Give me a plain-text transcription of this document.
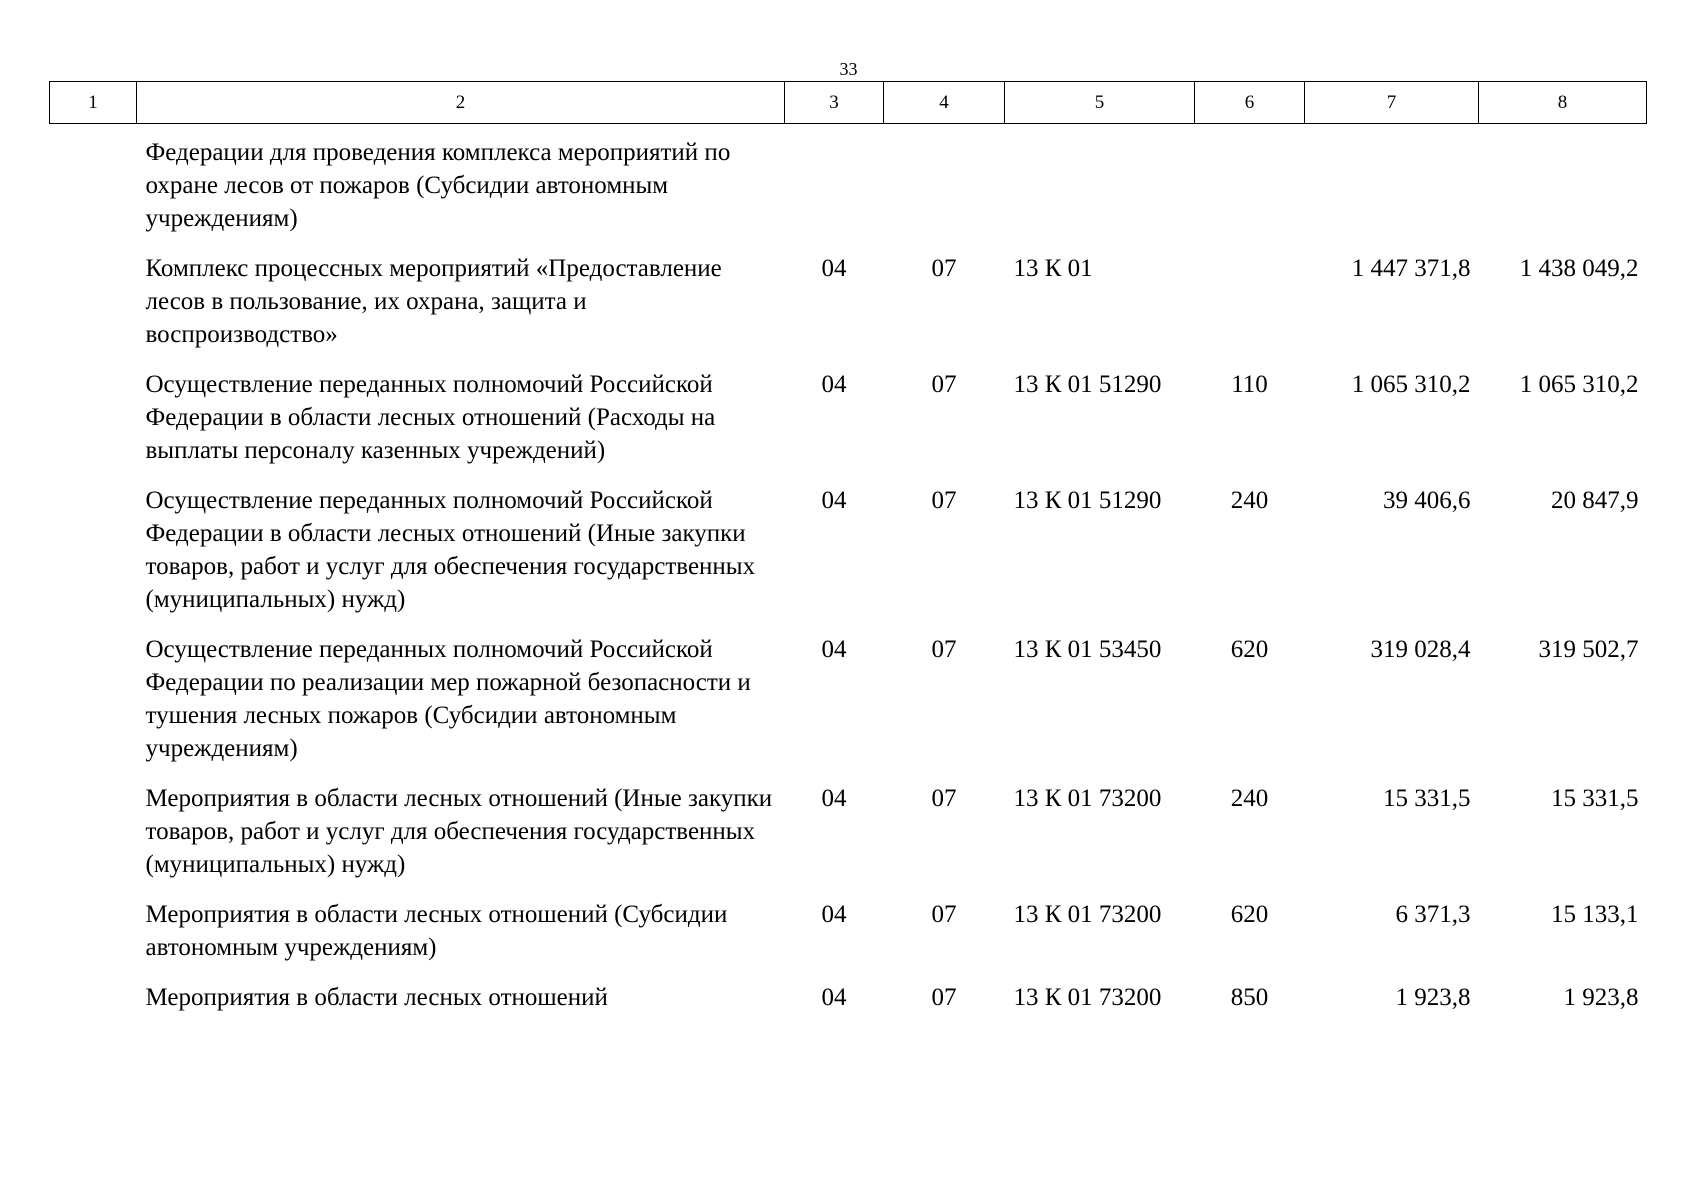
33
1	2	3	4	5	6	7	8
	Федерации для проведения комплекса мероприятий по охране лесов от пожаров (Субсидии автономным учреждениям)						
	Комплекс процессных мероприятий «Предоставление лесов в пользование, их охрана, защита и воспроизводство»	04	07	13 К 01		1 447 371,8	1 438 049,2
	Осуществление переданных полномочий Российской Федерации в области лесных отношений (Расходы на выплаты персоналу казенных учреждений)	04	07	13 К 01 51290	110	1 065 310,2	1 065 310,2
	Осуществление переданных полномочий Российской Федерации в области лесных отношений (Иные закупки товаров, работ и услуг для обеспечения государственных (муниципальных) нужд)	04	07	13 К 01 51290	240	39 406,6	20 847,9
	Осуществление переданных полномочий Российской Федерации по реализации мер пожарной безопасности и тушения лесных пожаров (Субсидии автономным учреждениям)	04	07	13 К 01 53450	620	319 028,4	319 502,7
	Мероприятия в области лесных отношений (Иные закупки товаров, работ и услуг для обеспечения государственных (муниципальных) нужд)	04	07	13 К 01 73200	240	15 331,5	15 331,5
	Мероприятия в области лесных отношений (Субсидии автономным учреждениям)	04	07	13 К 01 73200	620	6 371,3	15 133,1
	Мероприятия в области лесных отношений	04	07	13 К 01 73200	850	1 923,8	1 923,8
